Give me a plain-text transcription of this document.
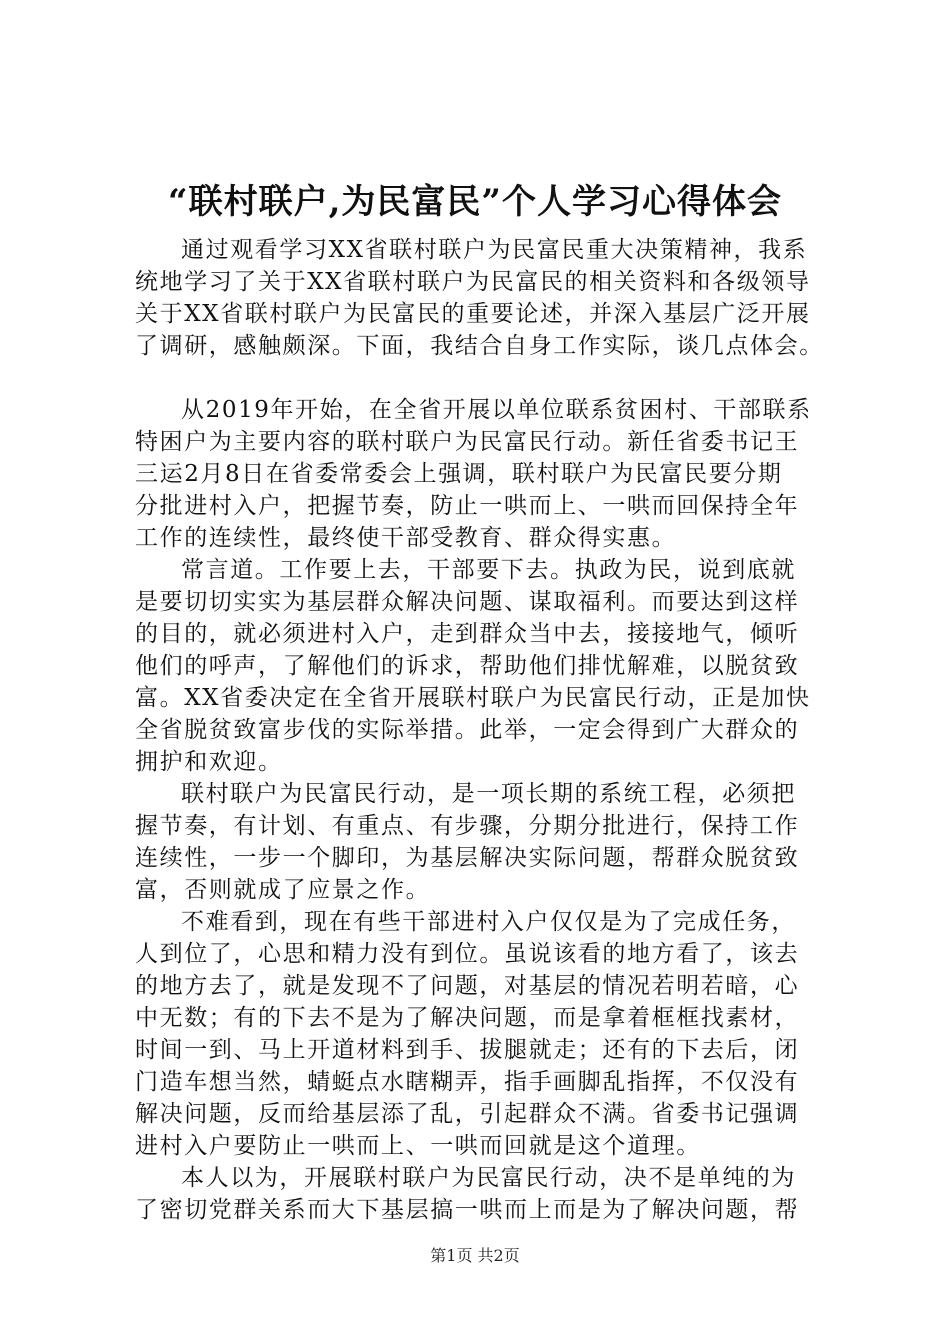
“联村联户,为民富民”个人学习心得体会
通过观看学习XX省联村联户为民富民重大决策精神，我系
统地学习了关于XX省联村联户为民富民的相关资料和各级领导
关于XX省联村联户为民富民的重要论述，并深入基层广泛开展
了调研，感触颇深。下面，我结合自身工作实际，谈几点体会。
从2019年开始，在全省开展以单位联系贫困村、干部联系
特困户为主要内容的联村联户为民富民行动。新任省委书记王
三运2月8日在省委常委会上强调，联村联户为民富民要分期
分批进村入户，把握节奏，防止一哄而上、一哄而回保持全年
工作的连续性，最终使干部受教育、群众得实惠。
常言道。工作要上去，干部要下去。执政为民，说到底就
是要切切实实为基层群众解决问题、谋取福利。而要达到这样
的目的，就必须进村入户，走到群众当中去，接接地气，倾听
他们的呼声，了解他们的诉求，帮助他们排忧解难，以脱贫致
富。XX省委决定在全省开展联村联户为民富民行动，正是加快
全省脱贫致富步伐的实际举措。此举，一定会得到广大群众的
拥护和欢迎。
联村联户为民富民行动，是一项长期的系统工程，必须把
握节奏，有计划、有重点、有步骤，分期分批进行，保持工作
连续性，一步一个脚印，为基层解决实际问题，帮群众脱贫致
富，否则就成了应景之作。
不难看到，现在有些干部进村入户仅仅是为了完成任务，
人到位了，心思和精力没有到位。虽说该看的地方看了，该去
的地方去了，就是发现不了问题，对基层的情况若明若暗，心
中无数；有的下去不是为了解决问题，而是拿着框框找素材，
时间一到、马上开道材料到手、拔腿就走；还有的下去后，闭
门造车想当然，蜻蜓点水瞎糊弄，指手画脚乱指挥，不仅没有
解决问题，反而给基层添了乱，引起群众不满。省委书记强调
进村入户要防止一哄而上、一哄而回就是这个道理。
本人以为，开展联村联户为民富民行动，决不是单纯的为
了密切党群关系而大下基层搞一哄而上而是为了解决问题，帮
第1页 共2页
